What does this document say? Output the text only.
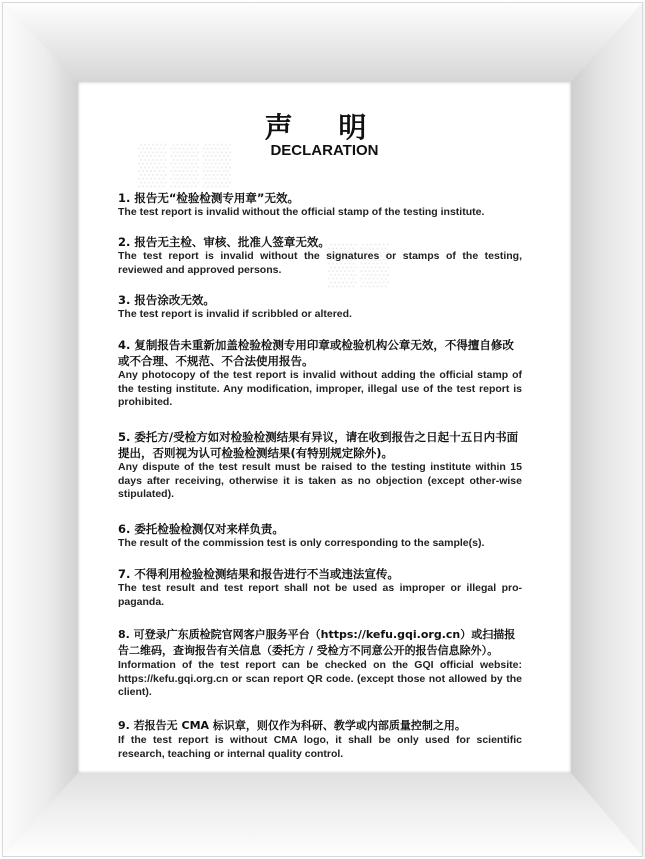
▒▒▒
▒▒
声 明
DECLARATION
1. 报告无“检验检测专用章”无效。
The test report is invalid without the official stamp of the testing institute.
2. 报告无主检、审核、批准人签章无效。
The test report is invalid without the signatures or stamps of the testing, reviewed and approved persons.
3. 报告涂改无效。
The test report is invalid if scribbled or altered.
4. 复制报告未重新加盖检验检测专用印章或检验机构公章无效，不得擅自修改或不合理、不规范、不合法使用报告。
Any photocopy of the test report is invalid without adding the official stamp of the testing institute. Any modification, improper, illegal use of the test report is prohibited.
5. 委托方/受检方如对检验检测结果有异议，请在收到报告之日起十五日内书面提出，否则视为认可检验检测结果(有特别规定除外)。
Any dispute of the test result must be raised to the testing institute within 15 days after receiving, otherwise it is taken as no objection (except other-wise stipulated).
6. 委托检验检测仅对来样负责。
The result of the commission test is only corresponding to the sample(s).
7. 不得利用检验检测结果和报告进行不当或违法宣传。
The test result and test report shall not be used as improper or illegal pro-paganda.
8. 可登录广东质检院官网客户服务平台（https://kefu.gqi.org.cn）或扫描报告二维码，查询报告有关信息（委托方 / 受检方不同意公开的报告信息除外）。
Information of the test report can be checked on the GQI official website: https://kefu.gqi.org.cn or scan report QR code. (except those not allowed by the client).
9. 若报告无 CMA 标识章，则仅作为科研、教学或内部质量控制之用。
If the test report is without CMA logo, it shall be only used for scientific research, teaching or internal quality control.
